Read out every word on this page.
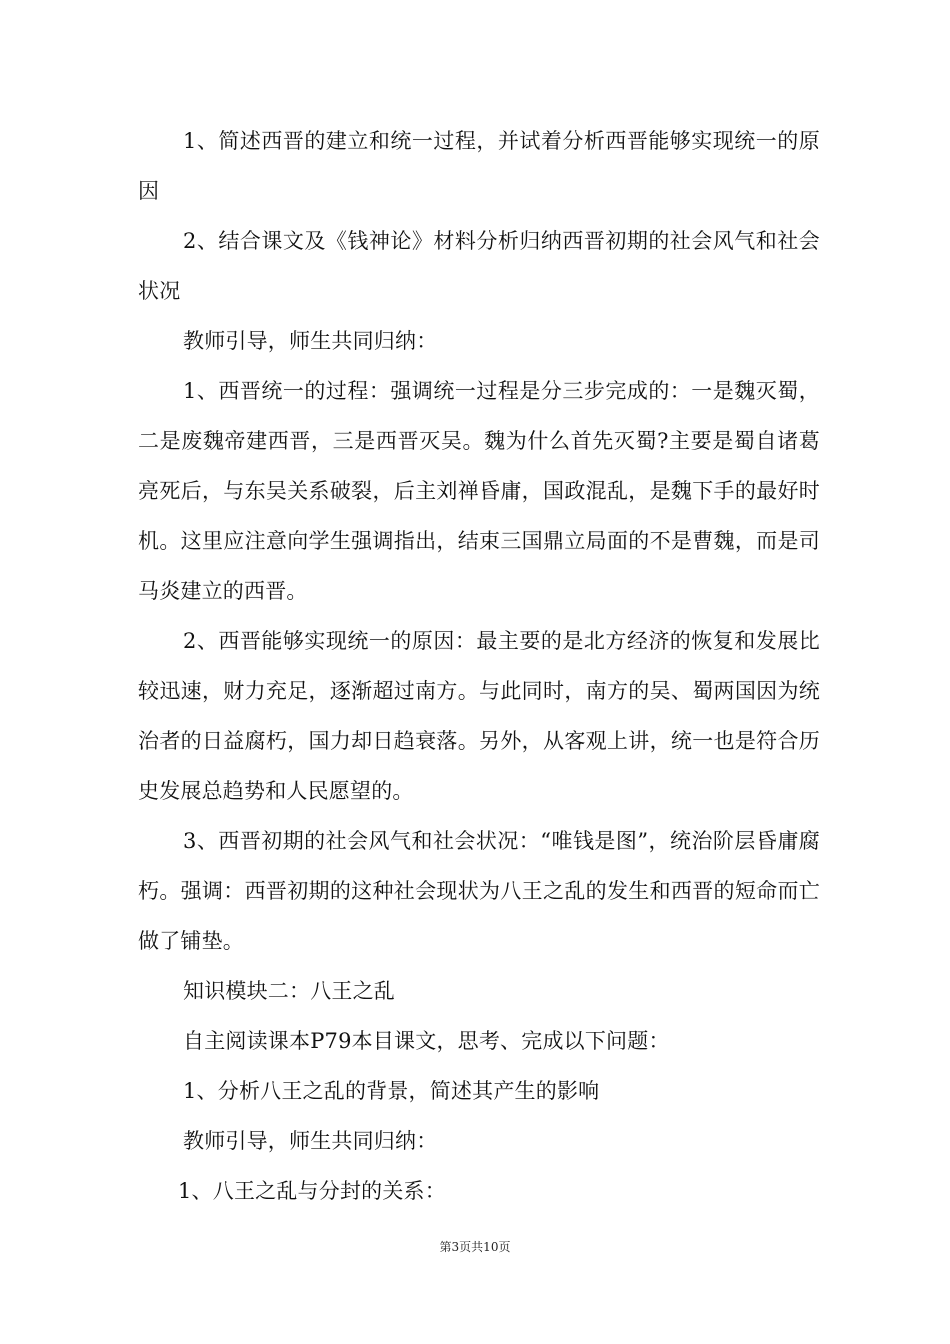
1、简述西晋的建立和统一过程，并试着分析西晋能够实现统一的原因

2、结合课文及《钱神论》材料分析归纳西晋初期的社会风气和社会状况

教师引导，师生共同归纳：

1、西晋统一的过程：强调统一过程是分三步完成的：一是魏灭蜀，二是废魏帝建西晋，三是西晋灭吴。魏为什么首先灭蜀?主要是蜀自诸葛亮死后，与东吴关系破裂，后主刘禅昏庸，国政混乱，是魏下手的最好时机。这里应注意向学生强调指出，结束三国鼎立局面的不是曹魏，而是司马炎建立的西晋。

2、西晋能够实现统一的原因：最主要的是北方经济的恢复和发展比较迅速，财力充足，逐渐超过南方。与此同时，南方的吴、蜀两国因为统治者的日益腐朽，国力却日趋衰落。另外，从客观上讲，统一也是符合历史发展总趋势和人民愿望的。

3、西晋初期的社会风气和社会状况：“唯钱是图”，统治阶层昏庸腐朽。强调：西晋初期的这种社会现状为八王之乱的发生和西晋的短命而亡做了铺垫。

知识模块二：八王之乱

自主阅读课本P79本目课文，思考、完成以下问题：

1、分析八王之乱的背景，简述其产生的影响

教师引导，师生共同归纳：

1、八王之乱与分封的关系：

第3页共10页
